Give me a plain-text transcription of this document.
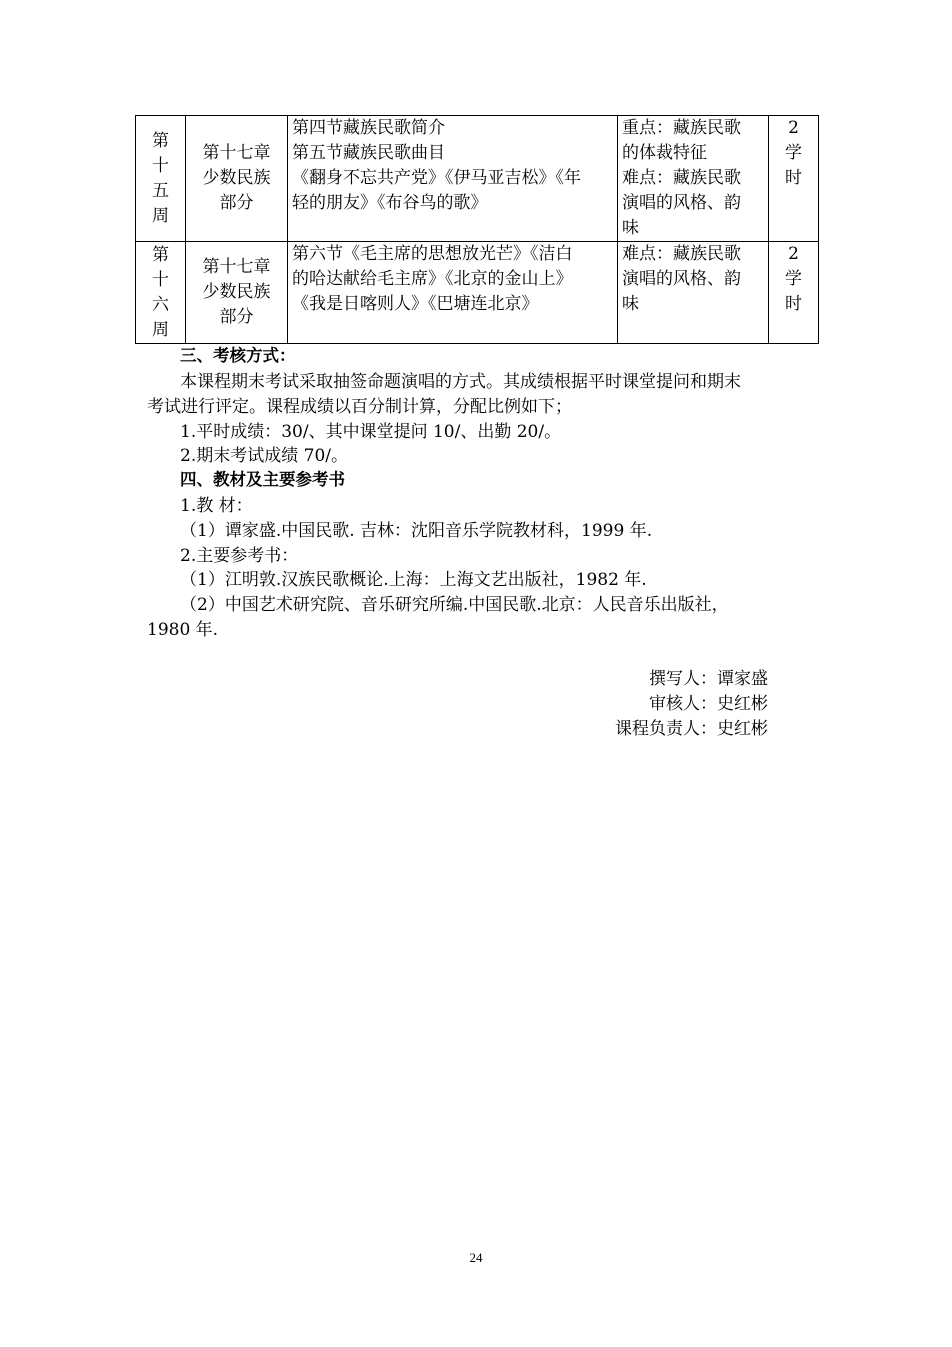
第
十
五
周	第十七章
少数民族
部分	第四节藏族民歌简介
第五节藏族民歌曲目
《翻身不忘共产党》《伊马亚吉松》《年
轻的朋友》《布谷鸟的歌》	重点：藏族民歌
的体裁特征
难点：藏族民歌
演唱的风格、韵
味	2
学
时

第
十
六
周	第十七章
少数民族
部分	第六节《毛主席的思想放光芒》《洁白
的哈达献给毛主席》《北京的金山上》
《我是日喀则人》《巴塘连北京》	难点：藏族民歌
演唱的风格、韵
味	2
学
时
三、考核方式：
本课程期末考试采取抽签命题演唱的方式。其成绩根据平时课堂提问和期末
考试进行评定。课程成绩以百分制计算，分配比例如下；
1.平时成绩：30/、其中课堂提问 10/、出勤 20/。
2.期末考试成绩 70/。
四、教材及主要参考书
1.教 材：
（1）谭家盛.中国民歌. 吉林：沈阳音乐学院教材科，1999 年.
2.主要参考书：
（1）江明敦.汉族民歌概论.上海：上海文艺出版社，1982 年.
（2）中国艺术研究院、音乐研究所编.中国民歌.北京：人民音乐出版社，
1980 年.
撰写人：谭家盛
审核人：史红彬
课程负责人：史红彬
24
